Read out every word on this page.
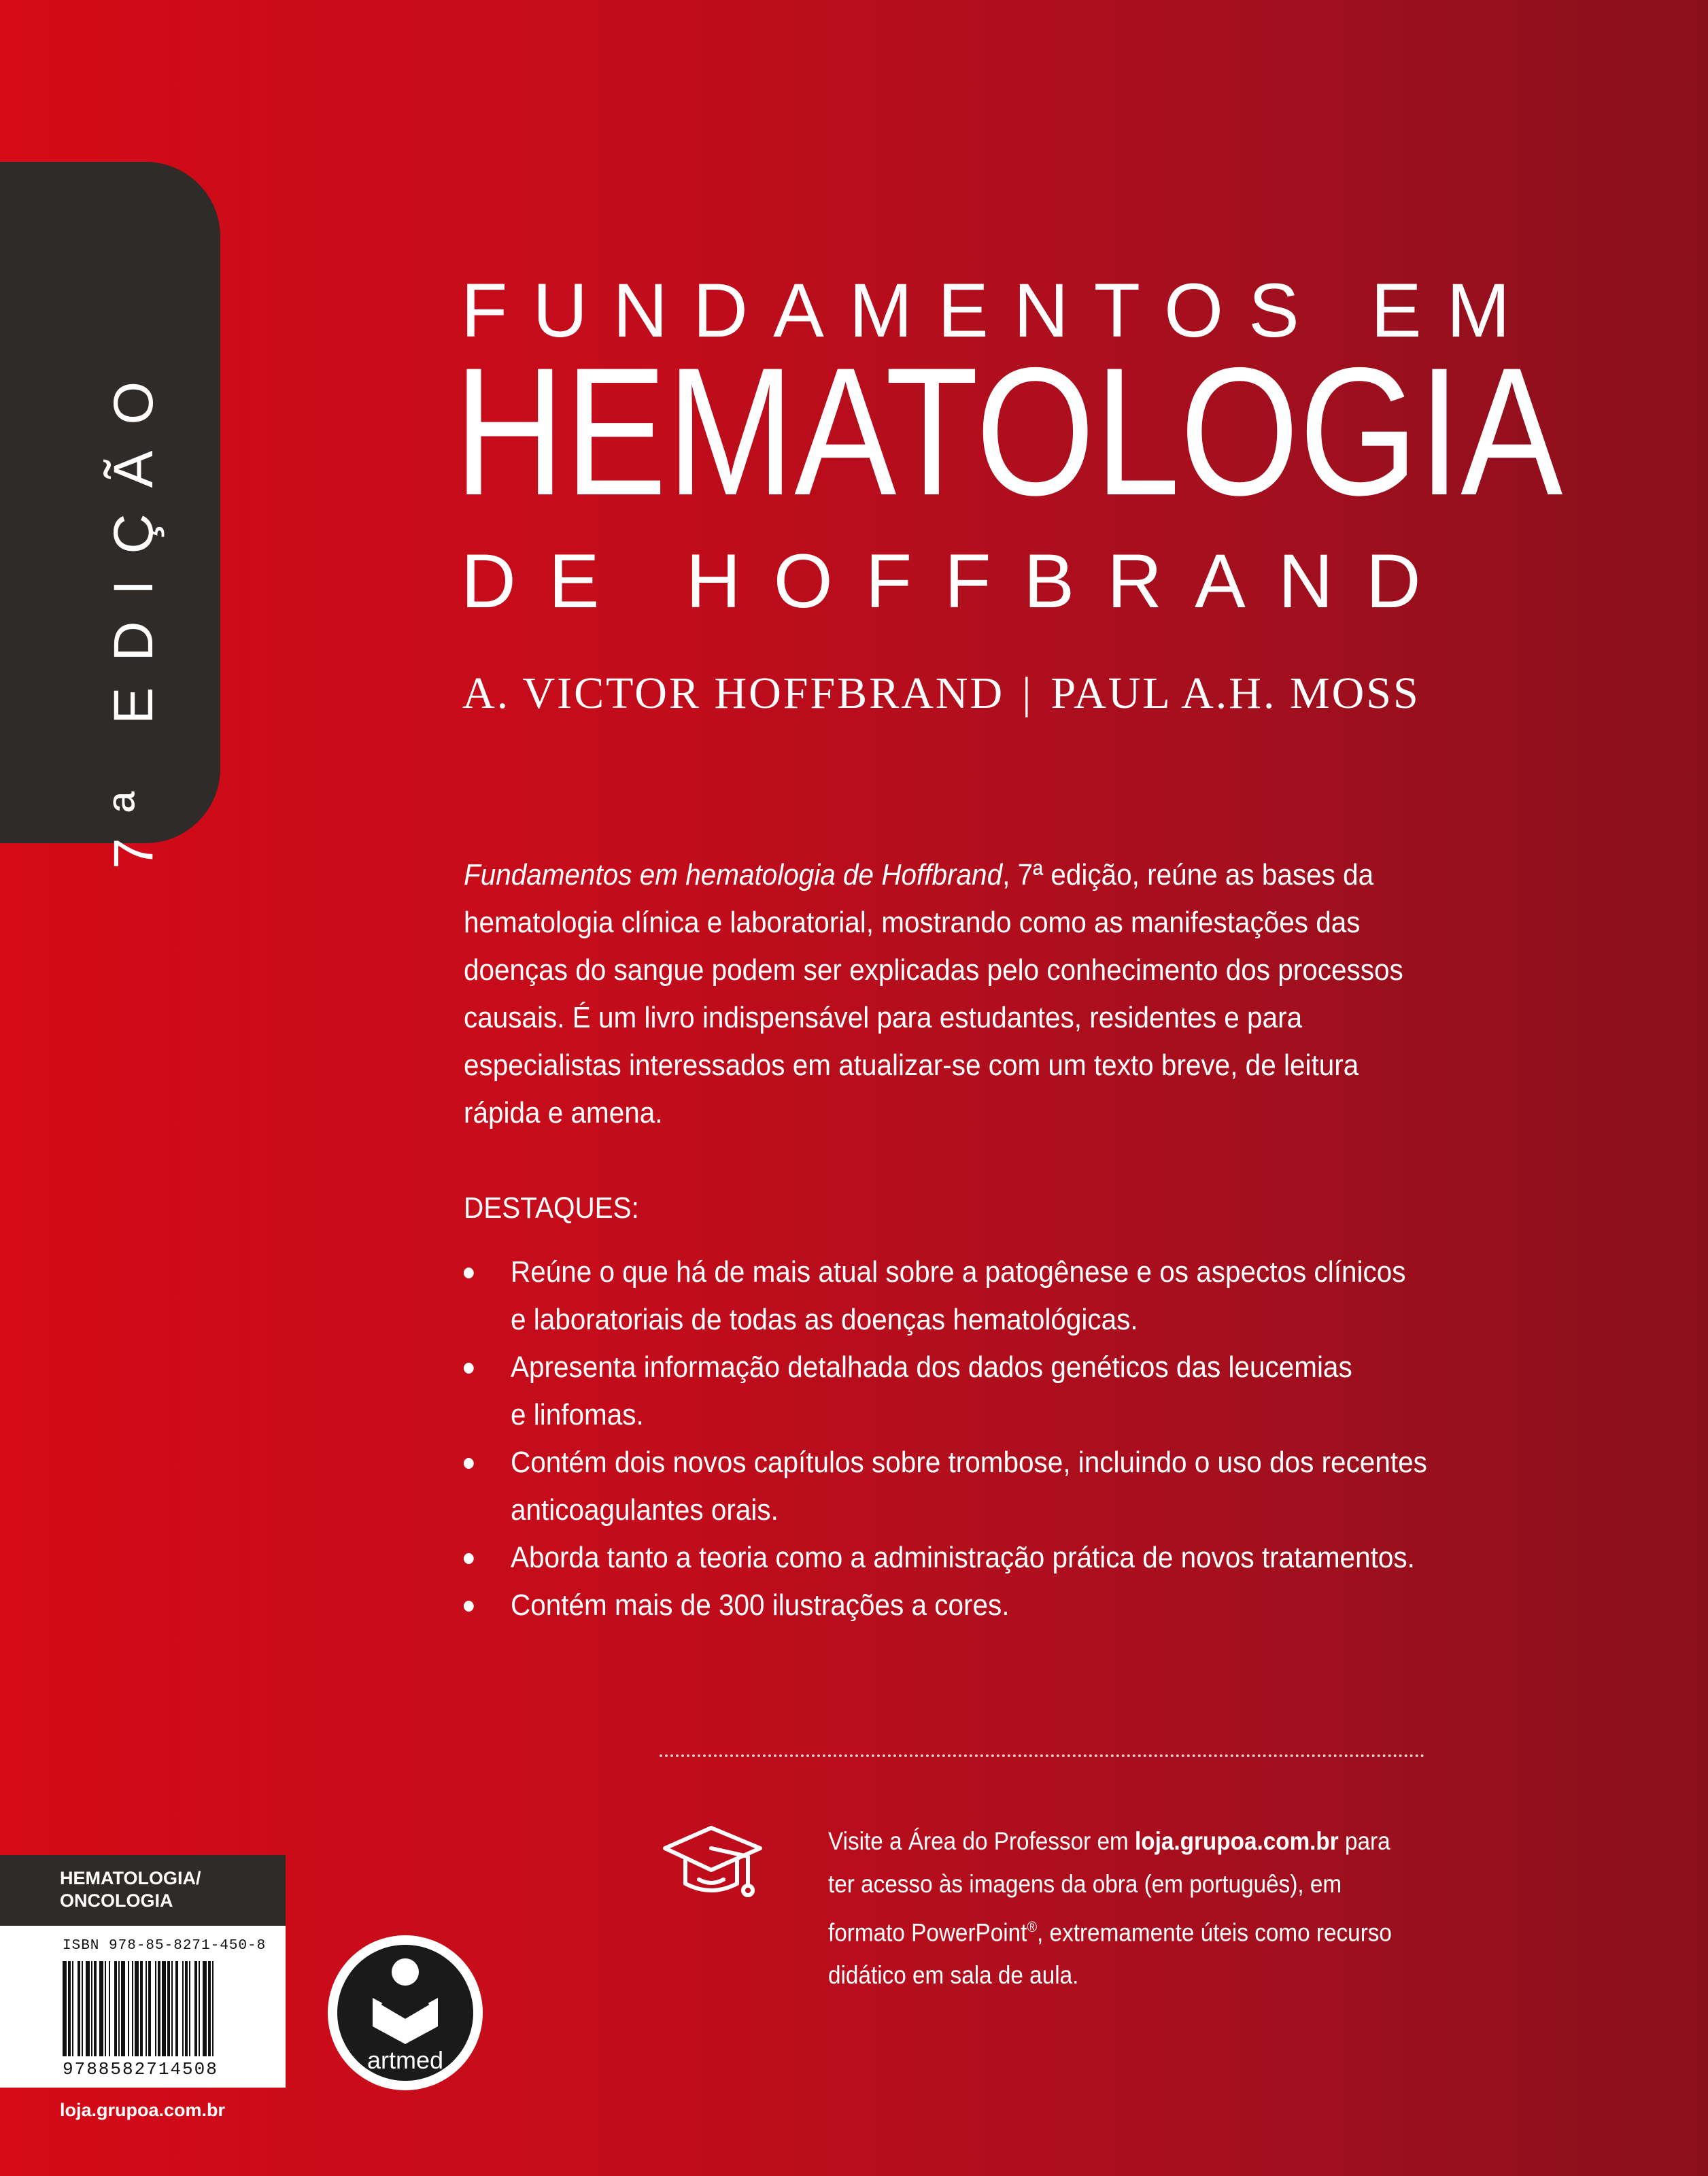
7ª EDIÇÃO
FUNDAMENTOS EM
HEMATOLOGIA
DE HOFFBRAND
A. VICTOR HOFFBRAND | PAUL A.H. MOSS
Fundamentos em hematologia de Hoffbrand, 7ª edição, reúne as bases da
hematologia clínica e laboratorial, mostrando como as manifestações das
doenças do sangue podem ser explicadas pelo conhecimento dos processos
causais. É um livro indispensável para estudantes, residentes e para
especialistas interessados em atualizar-se com um texto breve, de leitura
rápida e amena.
DESTAQUES:
Reúne o que há de mais atual sobre a patogênese e os aspectos clínicos
e laboratoriais de todas as doenças hematológicas.
Apresenta informação detalhada dos dados genéticos das leucemias
e linfomas.
Contém dois novos capítulos sobre trombose, incluindo o uso dos recentes
anticoagulantes orais.
Aborda tanto a teoria como a administração prática de novos tratamentos.
Contém mais de 300 ilustrações a cores.
Visite a Área do Professor em loja.grupoa.com.br para
ter acesso às imagens da obra (em português), em
formato PowerPoint®, extremamente úteis como recurso
didático em sala de aula.
HEMATOLOGIA/
ONCOLOGIA
ISBN 978-85-8271-450-8
9788582714508	artmed
loja.grupoa.com.br
